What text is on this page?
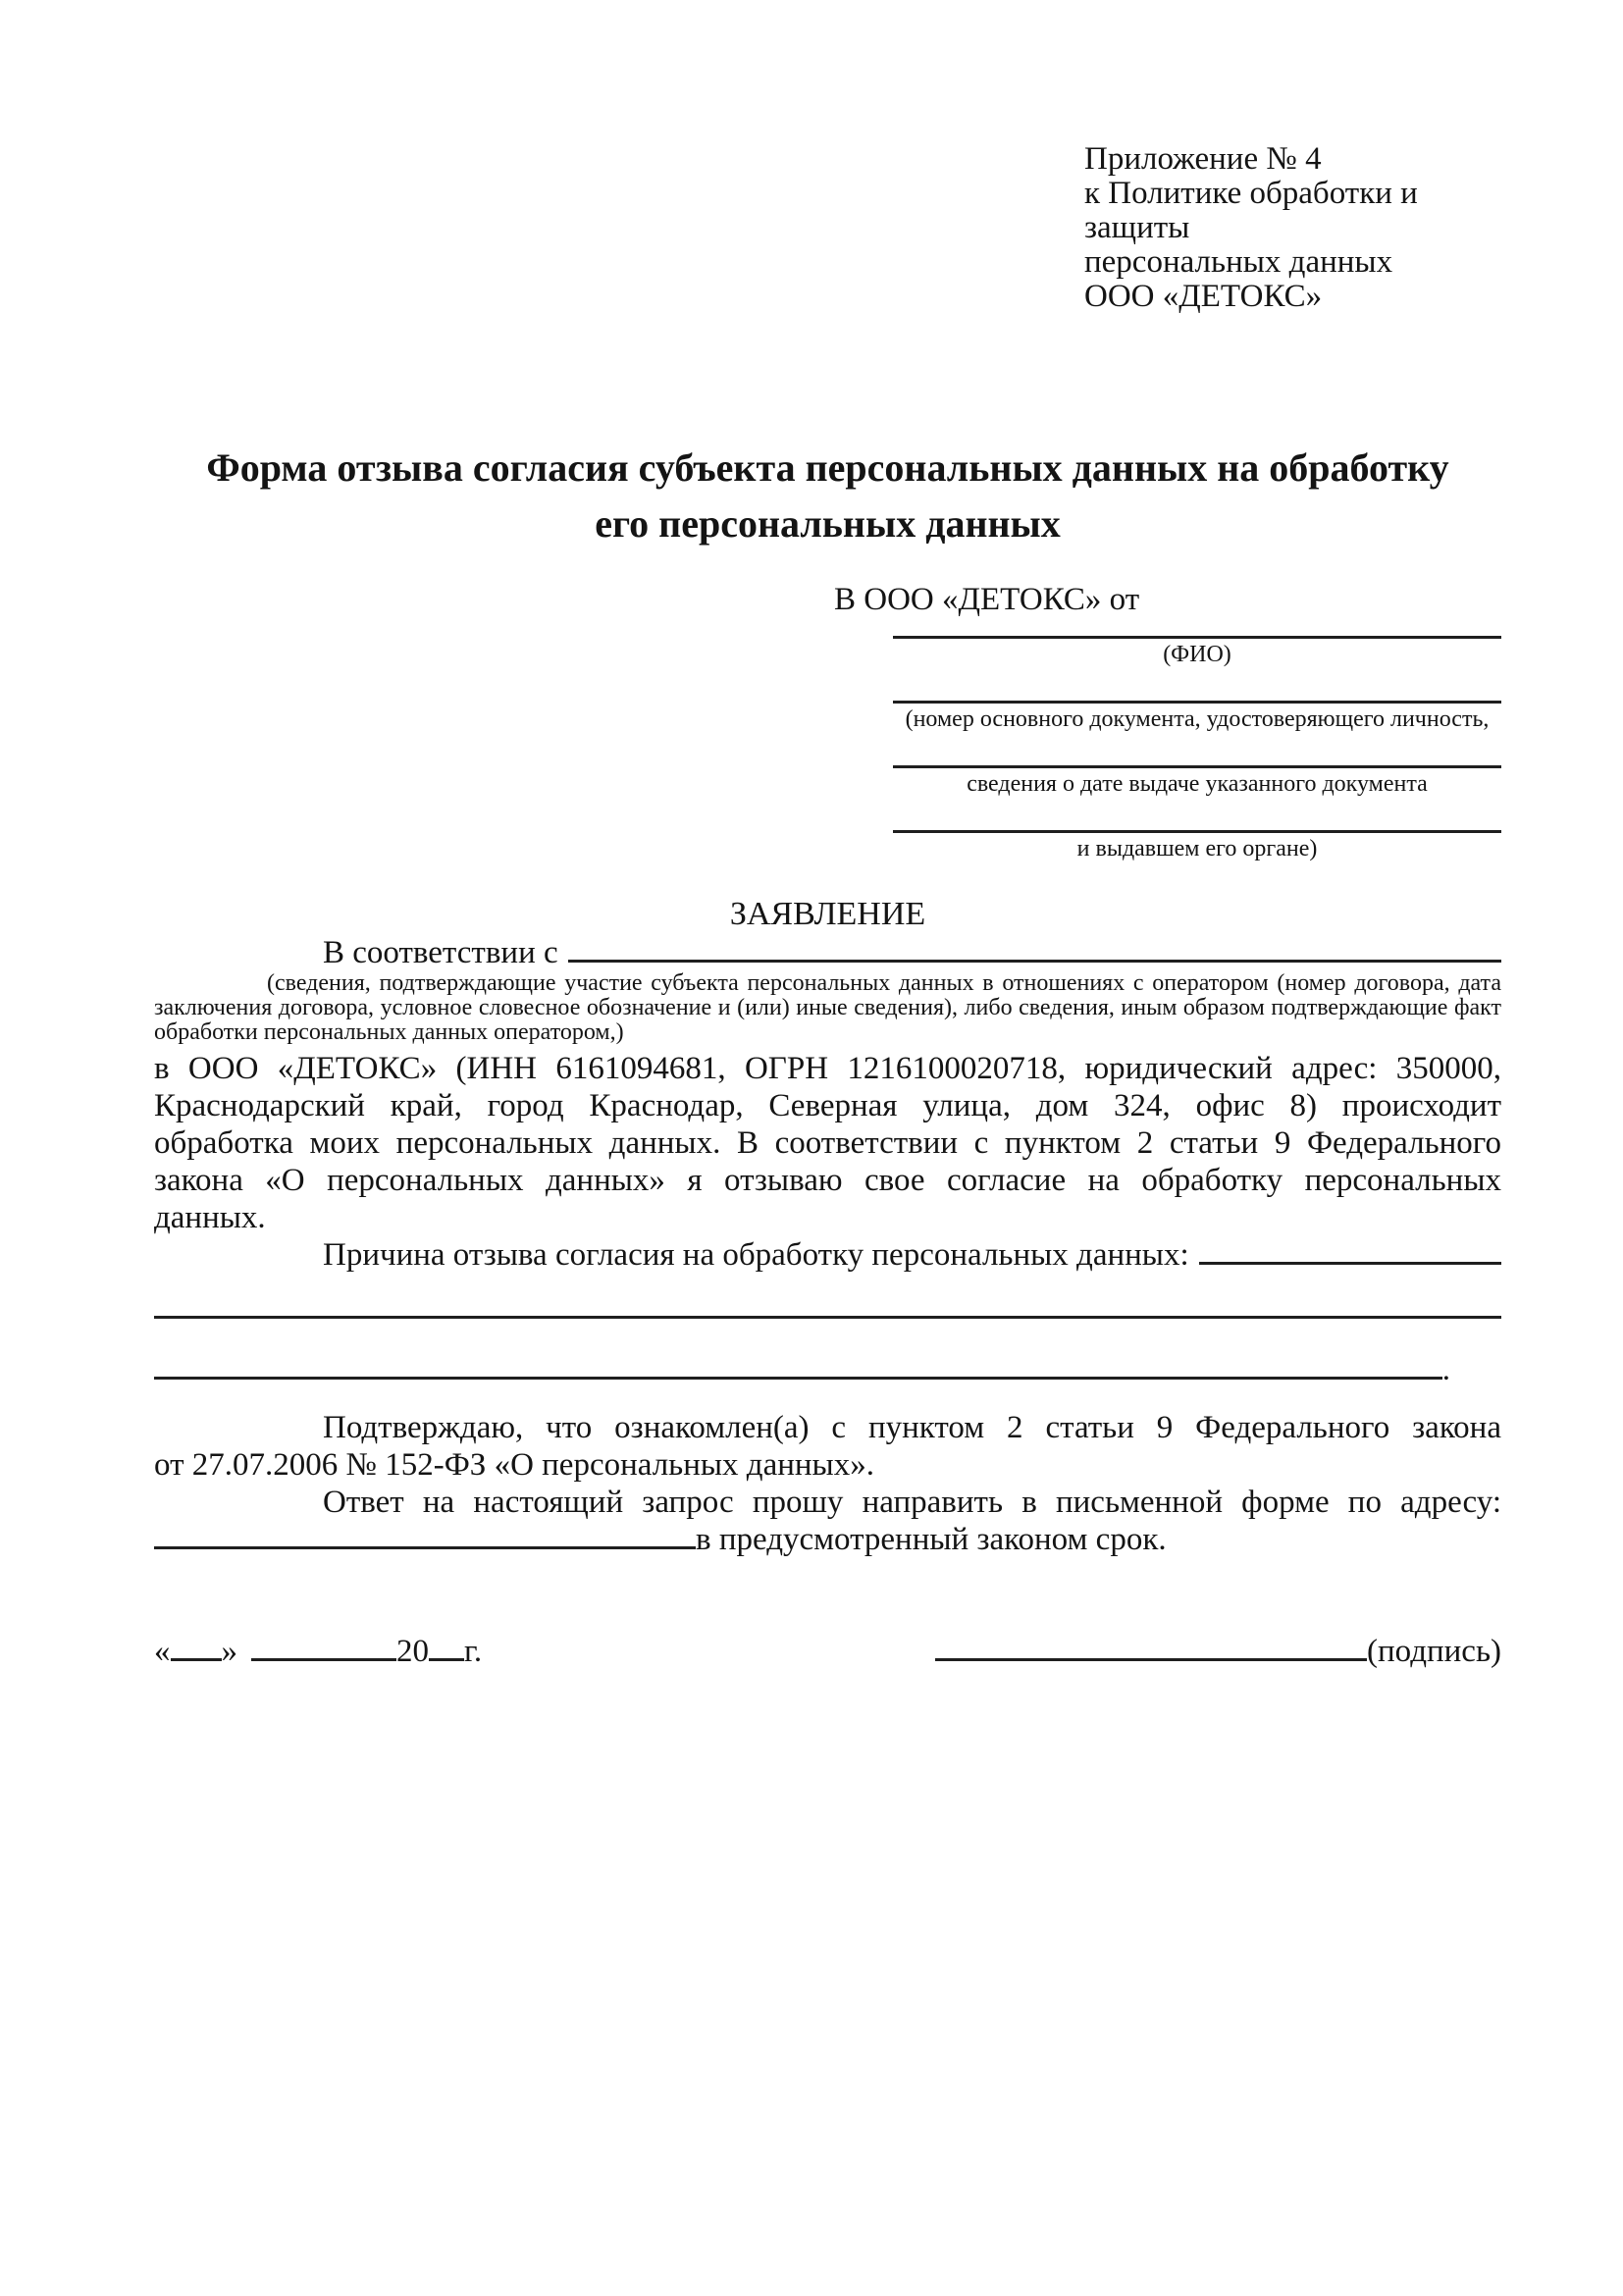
Приложение № 4
к Политике обработки и защиты
персональных данных
ООО «ДЕТОКС»
Форма отзыва согласия субъекта персональных данных на обработку
его персональных данных
В ООО «ДЕТОКС» от
(ФИО)
(номер основного документа, удостоверяющего личность,
сведения о дате выдаче указанного документа
и выдавшем его органе)
ЗАЯВЛЕНИЕ
В соответствии с
(сведения, подтверждающие участие субъекта персональных данных в отношениях с оператором (номер договора, дата
заключения договора, условное словесное обозначение и (или) иные сведения), либо сведения, иным образом подтверждающие факт
обработки персональных данных оператором,)
в ООО «ДЕТОКС» (ИНН 6161094681, ОГРН 1216100020718, юридический адрес: 350000,
Краснодарский край, город Краснодар, Северная улица, дом 324, офис 8) происходит
обработка моих персональных данных. В соответствии с пунктом 2 статьи 9 Федерального
закона «О персональных данных» я отзываю свое согласие на обработку персональных
данных.
Причина отзыва согласия на обработку персональных данных:
.
Подтверждаю, что ознакомлен(а) с пунктом 2 статьи 9 Федерального закона
от 27.07.2006 № 152-ФЗ «О персональных данных».
Ответ на настоящий запрос прошу направить в письменной форме по адресу:
в предусмотренный законом срок.
« »	20 г.	(подпись)
